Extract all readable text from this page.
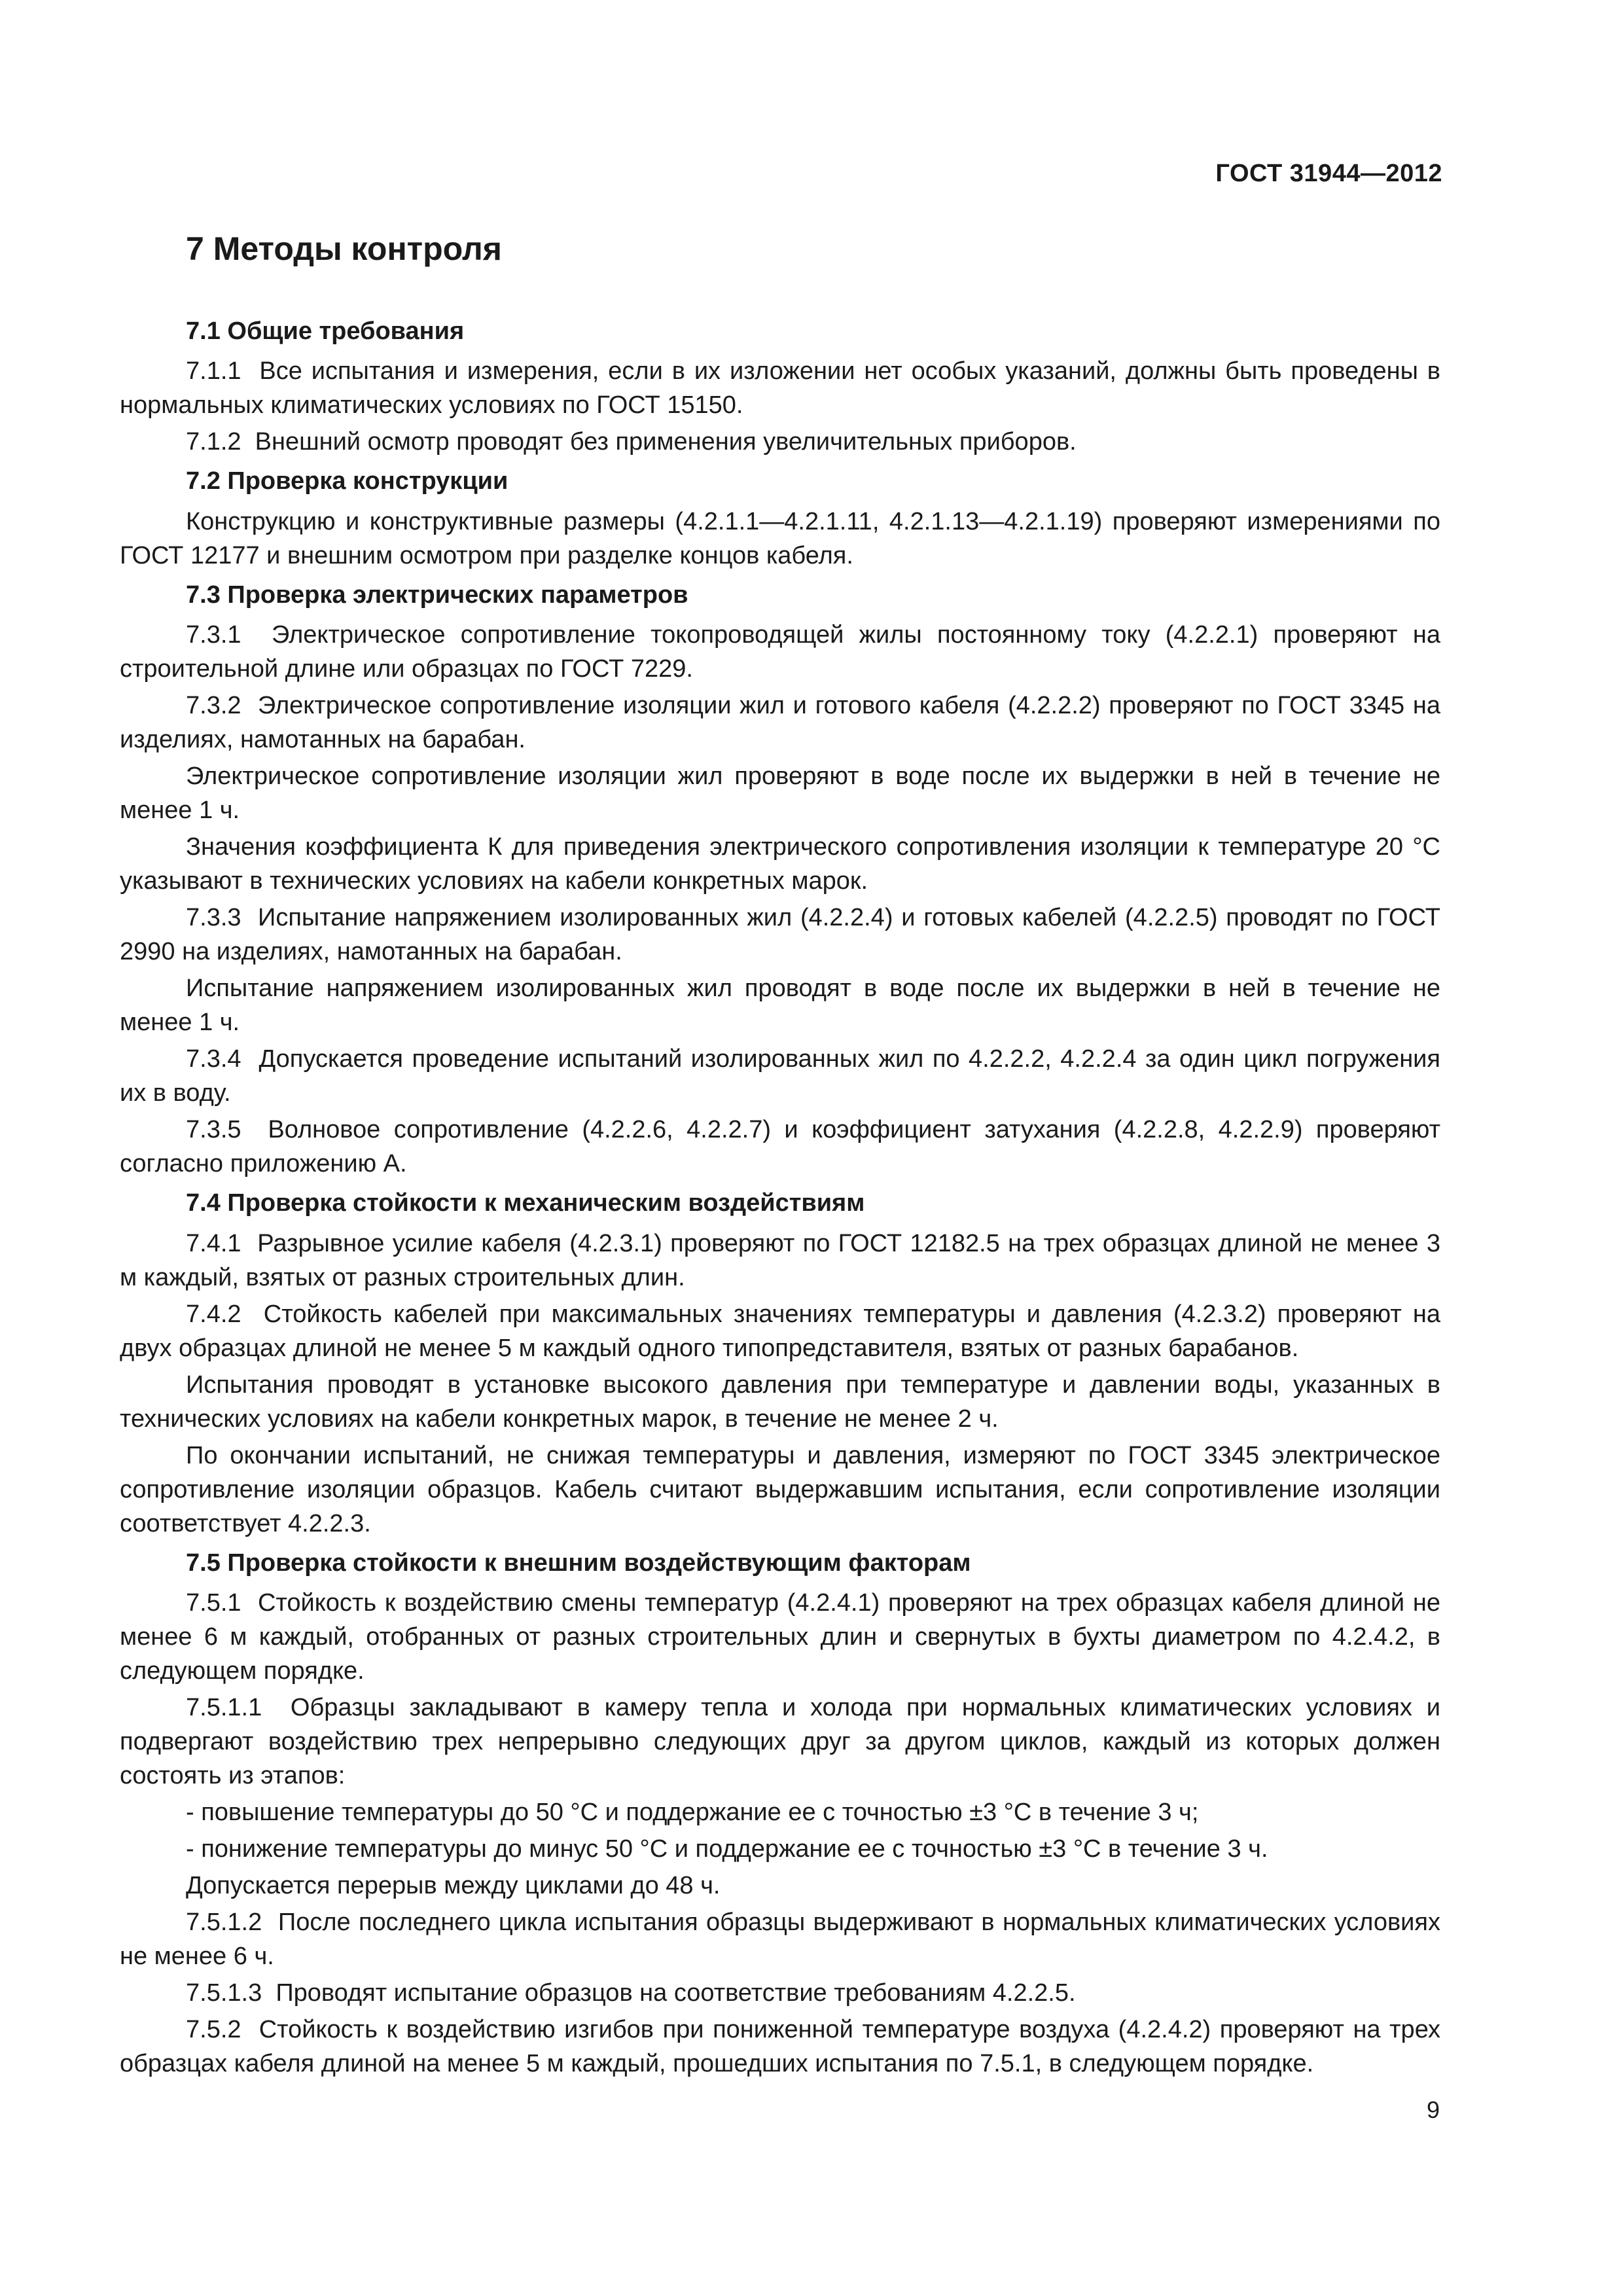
ГОСТ 31944—2012
7 Методы контроля
7.1 Общие требования

7.1.1  Все испытания и измерения, если в их изложении нет особых указаний, должны быть проведены в нормальных климатических условиях по ГОСТ 15150.

7.1.2  Внешний осмотр проводят без применения увеличительных приборов.

7.2 Проверка конструкции

Конструкцию и конструктивные размеры (4.2.1.1—4.2.1.11, 4.2.1.13—4.2.1.19) проверяют измерениями по ГОСТ 12177 и внешним осмотром при разделке концов кабеля.

7.3 Проверка электрических параметров

7.3.1  Электрическое сопротивление токопроводящей жилы постоянному току (4.2.2.1) проверяют на строительной длине или образцах по ГОСТ 7229.

7.3.2  Электрическое сопротивление изоляции жил и готового кабеля (4.2.2.2) проверяют по ГОСТ 3345 на изделиях, намотанных на барабан.

Электрическое сопротивление изоляции жил проверяют в воде после их выдержки в ней в течение не менее 1 ч.

Значения коэффициента К для приведения электрического сопротивления изоляции к температуре 20 °С указывают в технических условиях на кабели конкретных марок.

7.3.3  Испытание напряжением изолированных жил (4.2.2.4) и готовых кабелей (4.2.2.5) проводят по ГОСТ 2990 на изделиях, намотанных на барабан.

Испытание напряжением изолированных жил проводят в воде после их выдержки в ней в течение не менее 1 ч.

7.3.4  Допускается проведение испытаний изолированных жил по 4.2.2.2, 4.2.2.4 за один цикл погружения их в воду.

7.3.5  Волновое сопротивление (4.2.2.6, 4.2.2.7) и коэффициент затухания (4.2.2.8, 4.2.2.9) проверяют согласно приложению А.

7.4 Проверка стойкости к механическим воздействиям

7.4.1  Разрывное усилие кабеля (4.2.3.1) проверяют по ГОСТ 12182.5 на трех образцах длиной не менее 3 м каждый, взятых от разных строительных длин.

7.4.2  Стойкость кабелей при максимальных значениях температуры и давления (4.2.3.2) проверяют на двух образцах длиной не менее 5 м каждый одного типопредставителя, взятых от разных барабанов.

Испытания проводят в установке высокого давления при температуре и давлении воды, указанных в технических условиях на кабели конкретных марок, в течение не менее 2 ч.

По окончании испытаний, не снижая температуры и давления, измеряют по ГОСТ 3345 электрическое сопротивление изоляции образцов. Кабель считают выдержавшим испытания, если сопротивление изоляции соответствует 4.2.2.3.

7.5 Проверка стойкости к внешним воздействующим факторам

7.5.1  Стойкость к воздействию смены температур (4.2.4.1) проверяют на трех образцах кабеля длиной не менее 6 м каждый, отобранных от разных строительных длин и свернутых в бухты диаметром по 4.2.4.2, в следующем порядке.

7.5.1.1  Образцы закладывают в камеру тепла и холода при нормальных климатических условиях и подвергают воздействию трех непрерывно следующих друг за другом циклов, каждый из которых должен состоять из этапов:

- повышение температуры до 50 °С и поддержание ее с точностью ±3 °С в течение 3 ч;

- понижение температуры до минус 50 °С и поддержание ее с точностью ±3 °С в течение 3 ч.

Допускается перерыв между циклами до 48 ч.

7.5.1.2  После последнего цикла испытания образцы выдерживают в нормальных климатических условиях не менее 6 ч.

7.5.1.3  Проводят испытание образцов на соответствие требованиям 4.2.2.5.

7.5.2  Стойкость к воздействию изгибов при пониженной температуре воздуха (4.2.4.2) проверяют на трех образцах кабеля длиной на менее 5 м каждый, прошедших испытания по 7.5.1, в следующем порядке.

9
